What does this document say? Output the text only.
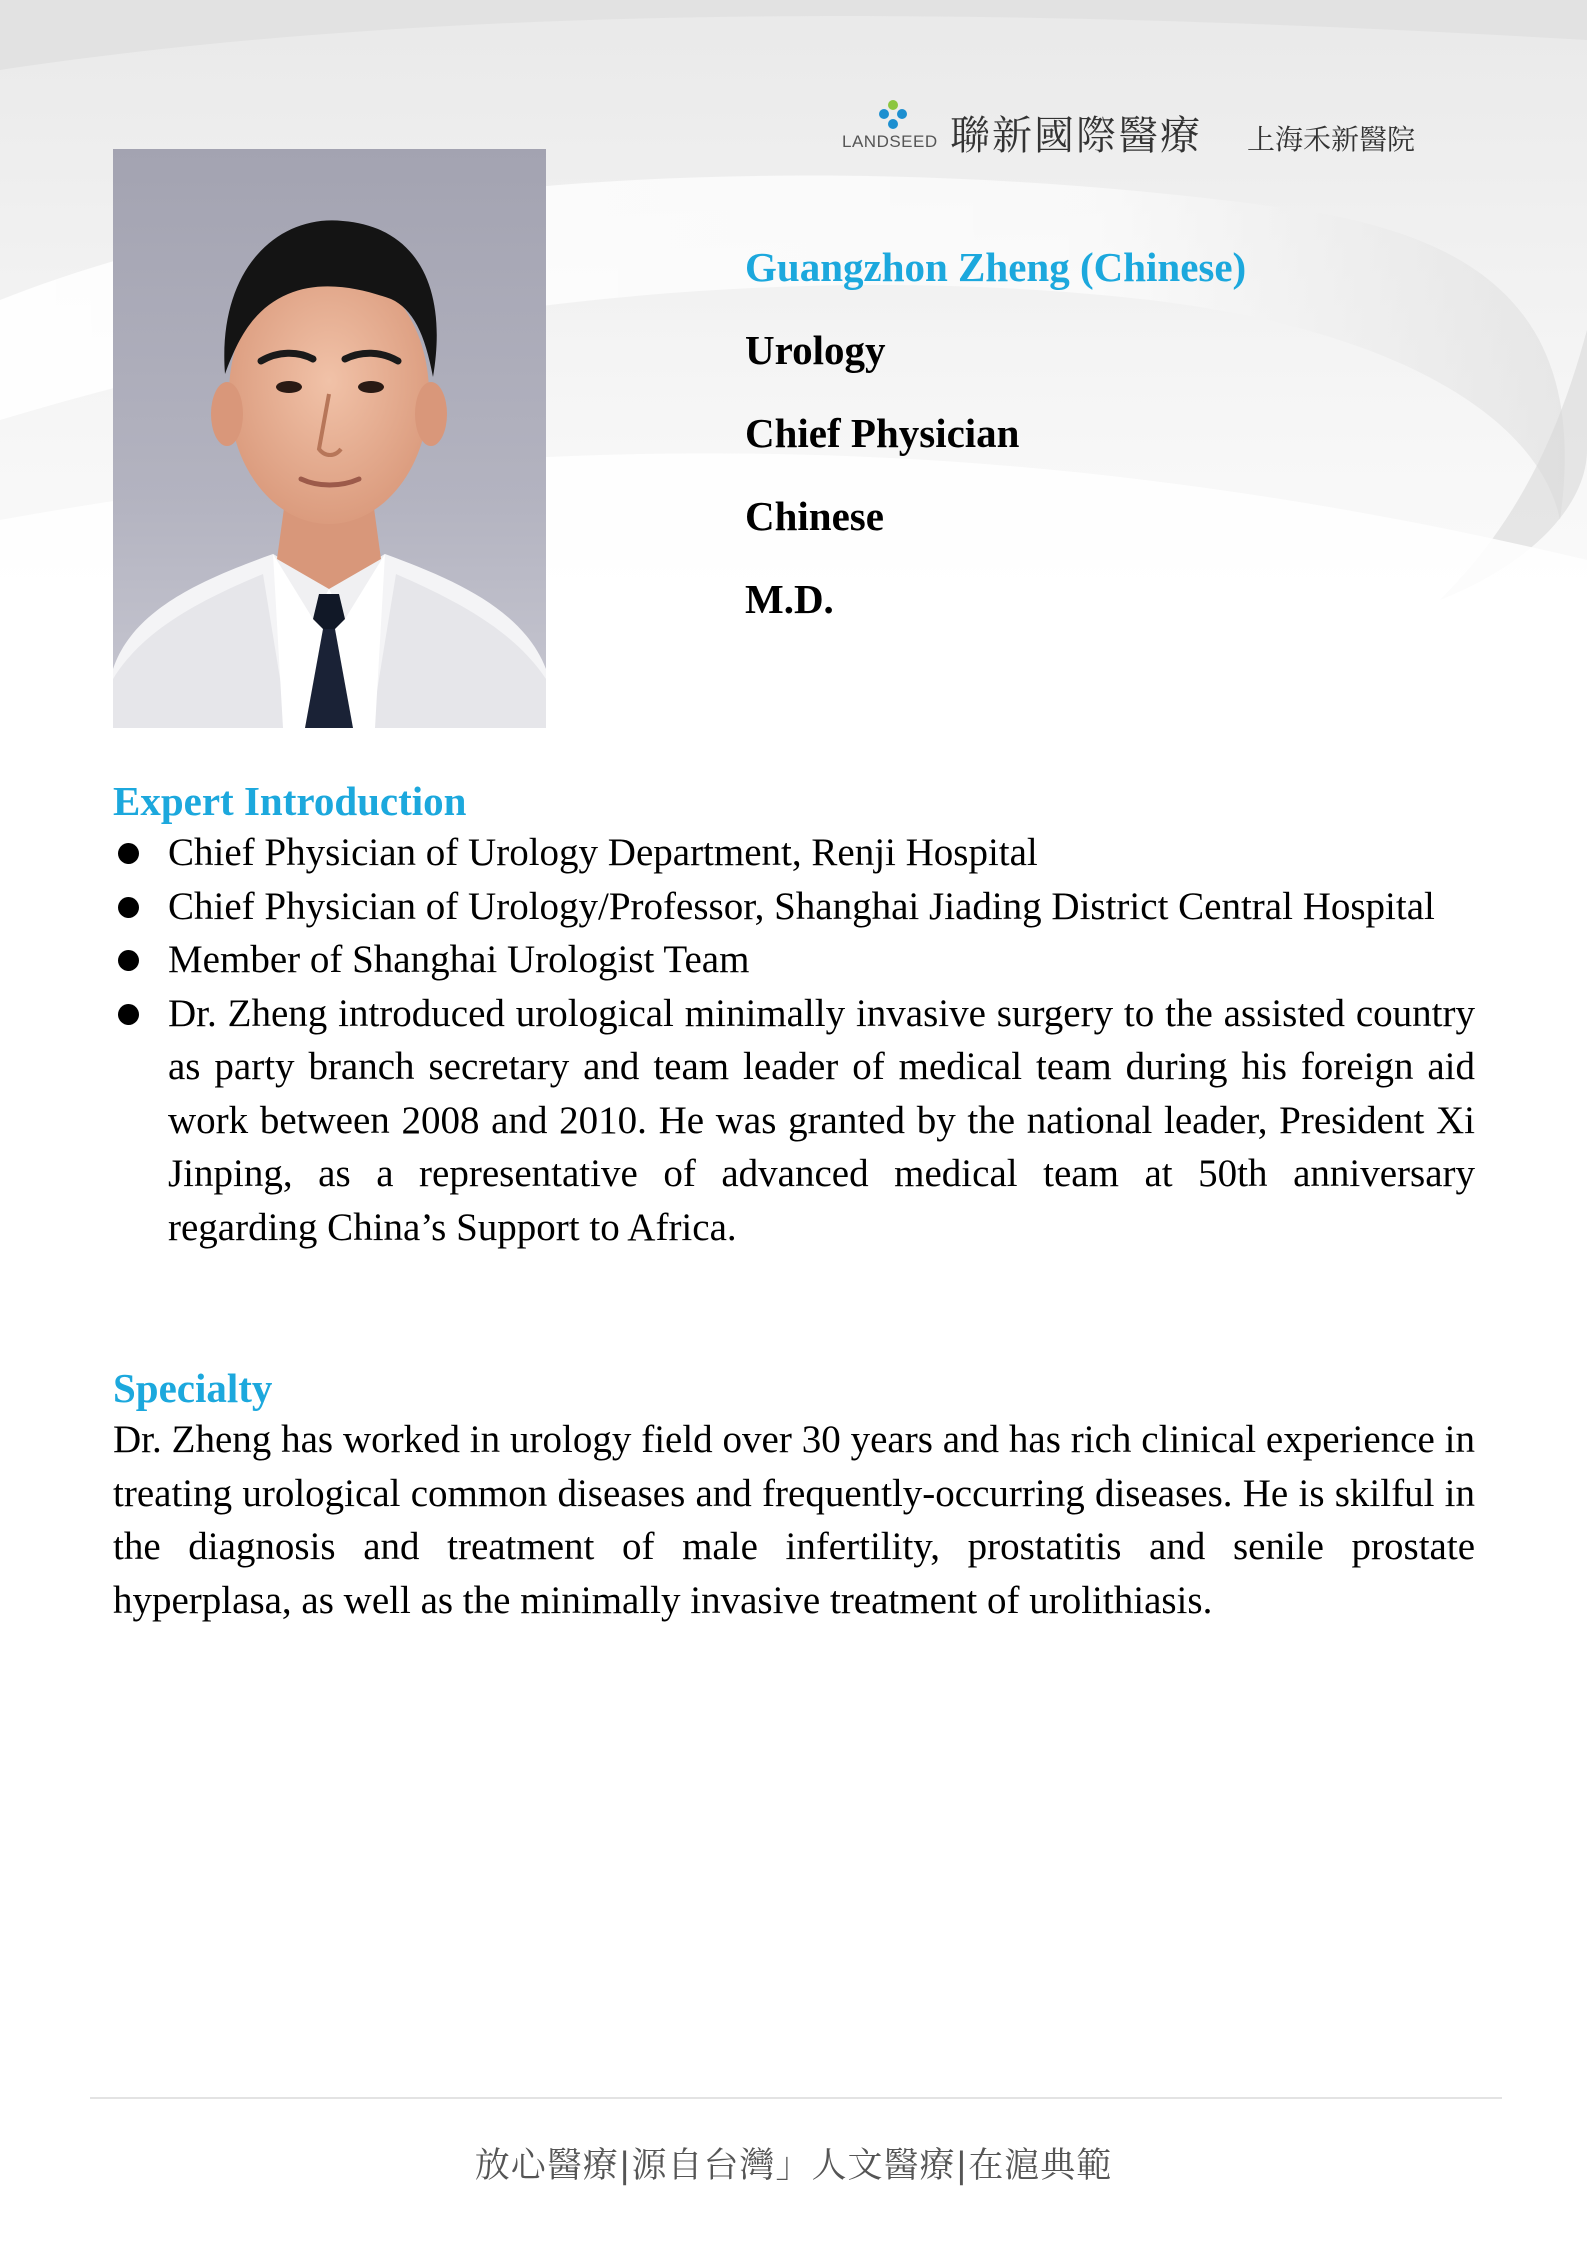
LANDSEED 聯新國際醫療 上海禾新醫院
Guangzhon Zheng (Chinese)
Urology
Chief Physician
Chinese
M.D.
Expert Introduction
Chief Physician of Urology Department, Renji Hospital
Chief Physician of Urology/Professor, Shanghai Jiading District Central Hospital
Member of Shanghai Urologist Team
Dr. Zheng introduced urological minimally invasive surgery to the assisted country as party branch secretary and team leader of medical team during his foreign aid work between 2008 and 2010. He was granted by the national leader, President Xi Jinping, as a representative of advanced medical team at 50th anniversary regarding China’s Support to Africa.
Specialty

Dr. Zheng has worked in urology field over 30 years and has rich clinical experience in treating urological common diseases and frequently-occurring diseases. He is skilful in the diagnosis and treatment of male infertility, prostatitis and senile prostate hyperplasa, as well as the minimally invasive treatment of urolithiasis.

放心醫療|源自台灣」人文醫療|在滬典範
